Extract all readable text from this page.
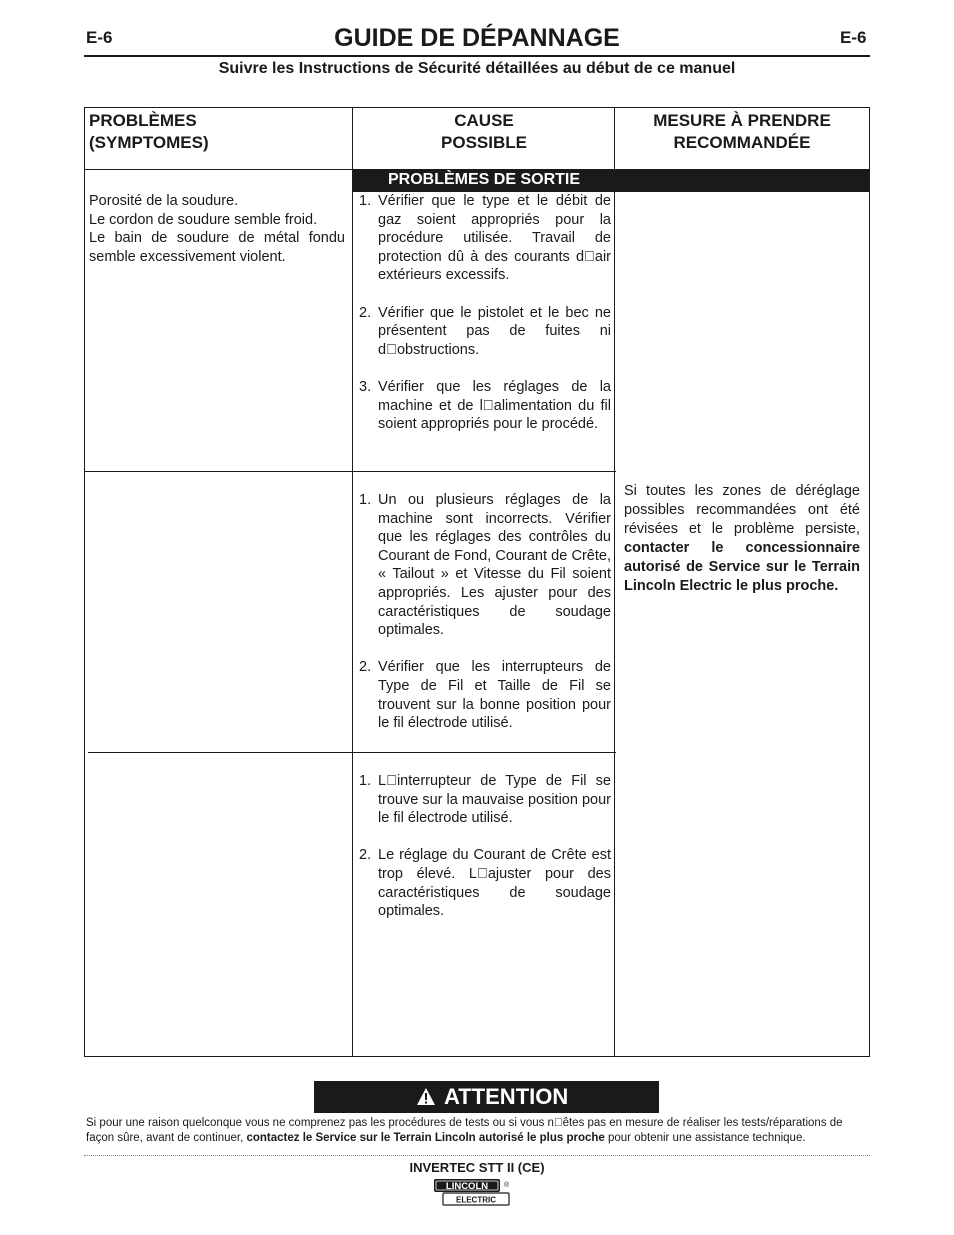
E-6	GUIDE DE DÉPANNAGE	E-6
Suivre les Instructions de Sécurité détaillées au début de ce manuel
PROBLÈMES
(SYMPTOMES)
CAUSE
POSSIBLE
MESURE À PRENDRE
RECOMMANDÉE
PROBLÈMES DE SORTIE
Porosité de la soudure.
Le cordon de soudure semble froid.
Le bain de soudure de métal fondu semble excessivement violent.
1. Vérifier que le type et le débit de gaz soient appropriés pour la procédure utilisée. Travail de protection dû à des courants d air extérieurs excessifs.
2. Vérifier que le pistolet et le bec ne présentent pas de fuites ni d obstructions.
3. Vérifier que les réglages de la machine et de l alimentation du fil soient appropriés pour le procédé.
1. Un ou plusieurs réglages de la machine sont incorrects. Vérifier que les réglages des contrôles du Courant de Fond, Courant de Crête, « Tailout » et Vitesse du Fil soient appropriés. Les ajuster pour des caractéristiques de soudage optimales.
2. Vérifier que les interrupteurs de Type de Fil et Taille de Fil se trouvent sur la bonne position pour le fil électrode utilisé.
1. L interrupteur de Type de Fil se trouve sur la mauvaise position pour le fil électrode utilisé.
2. Le réglage du Courant de Crête est trop élevé. L ajuster pour des caractéristiques de soudage optimales.
Si toutes les zones de déréglage possibles recommandées ont été révisées et le problème persiste, contacter le concessionnaire autorisé de Service sur le Terrain Lincoln Electric le plus proche.
ATTENTION
Si pour une raison quelconque vous ne comprenez pas les procédures de tests ou si vous n êtes pas en mesure de réaliser les tests/réparations de façon sûre, avant de continuer, contactez le Service sur le Terrain Lincoln autorisé le plus proche pour obtenir une assistance technique.
INVERTEC STT II (CE)
LINCOLN ®
ELECTRIC
